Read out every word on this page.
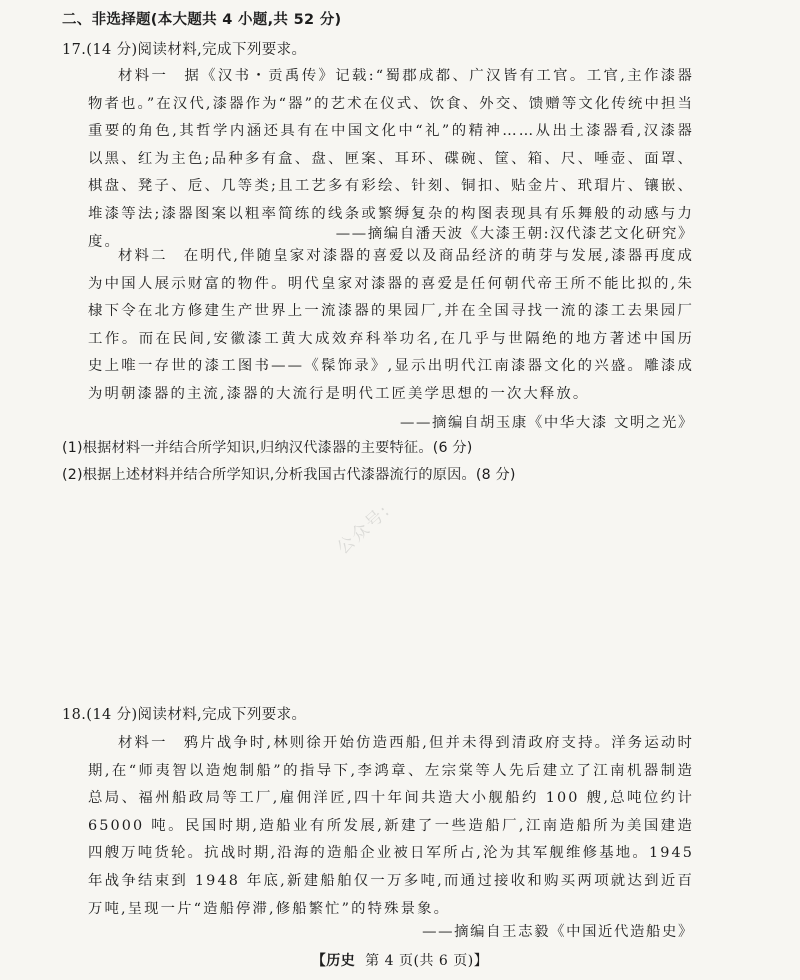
二、非选择题(本大题共 4 小题,共 52 分)
17.(14 分)阅读材料,完成下列要求。

材料一 据《汉书・贡禹传》记载:“蜀郡成都、广汉皆有工官。工官,主作漆器物者也。”在汉代,漆器作为“器”的艺术在仪式、饮食、外交、馈赠等文化传统中担当重要的角色,其哲学内涵还具有在中国文化中“礼”的精神……从出土漆器看,汉漆器以黑、红为主色;品种多有盒、盘、匣案、耳环、碟碗、筐、箱、尺、唾壶、面罩、棋盘、凳子、卮、几等类;且工艺多有彩绘、针刻、铜扣、贴金片、玳瑁片、镶嵌、堆漆等法;漆器图案以粗率简练的线条或繁缛复杂的构图表现具有乐舞般的动感与力度。	——摘编自潘天波《大漆王朝:汉代漆艺文化研究》

材料二 在明代,伴随皇家对漆器的喜爱以及商品经济的萌芽与发展,漆器再度成为中国人展示财富的物件。明代皇家对漆器的喜爱是任何朝代帝王所不能比拟的,朱棣下令在北方修建生产世界上一流漆器的果园厂,并在全国寻找一流的漆工去果园厂工作。而在民间,安徽漆工黄大成效弃科举功名,在几乎与世隔绝的地方著述中国历史上唯一存世的漆工图书——《髹饰录》,显示出明代江南漆器文化的兴盛。雕漆成为明朝漆器的主流,漆器的大流行是明代工匠美学思想的一次大释放。

——摘编自胡玉康《中华大漆 文明之光》
(1)根据材料一并结合所学知识,归纳汉代漆器的主要特征。(6 分)
(2)根据上述材料并结合所学知识,分析我国古代漆器流行的原因。(8 分)
公众号:
18.(14 分)阅读材料,完成下列要求。

材料一 鸦片战争时,林则徐开始仿造西船,但并未得到清政府支持。洋务运动时期,在“师夷智以造炮制船”的指导下,李鸿章、左宗棠等人先后建立了江南机器制造总局、福州船政局等工厂,雇佣洋匠,四十年间共造大小舰船约 100 艘,总吨位约计 65000 吨。民国时期,造船业有所发展,新建了一些造船厂,江南造船所为美国建造四艘万吨货轮。抗战时期,沿海的造船企业被日军所占,沦为其军舰维修基地。1945 年战争结束到 1948 年底,新建船舶仅一万多吨,而通过接收和购买两项就达到近百万吨,呈现一片“造船停滞,修船繁忙”的特殊景象。

——摘编自王志毅《中国近代造船史》
【历史 第 4 页(共 6 页)】
